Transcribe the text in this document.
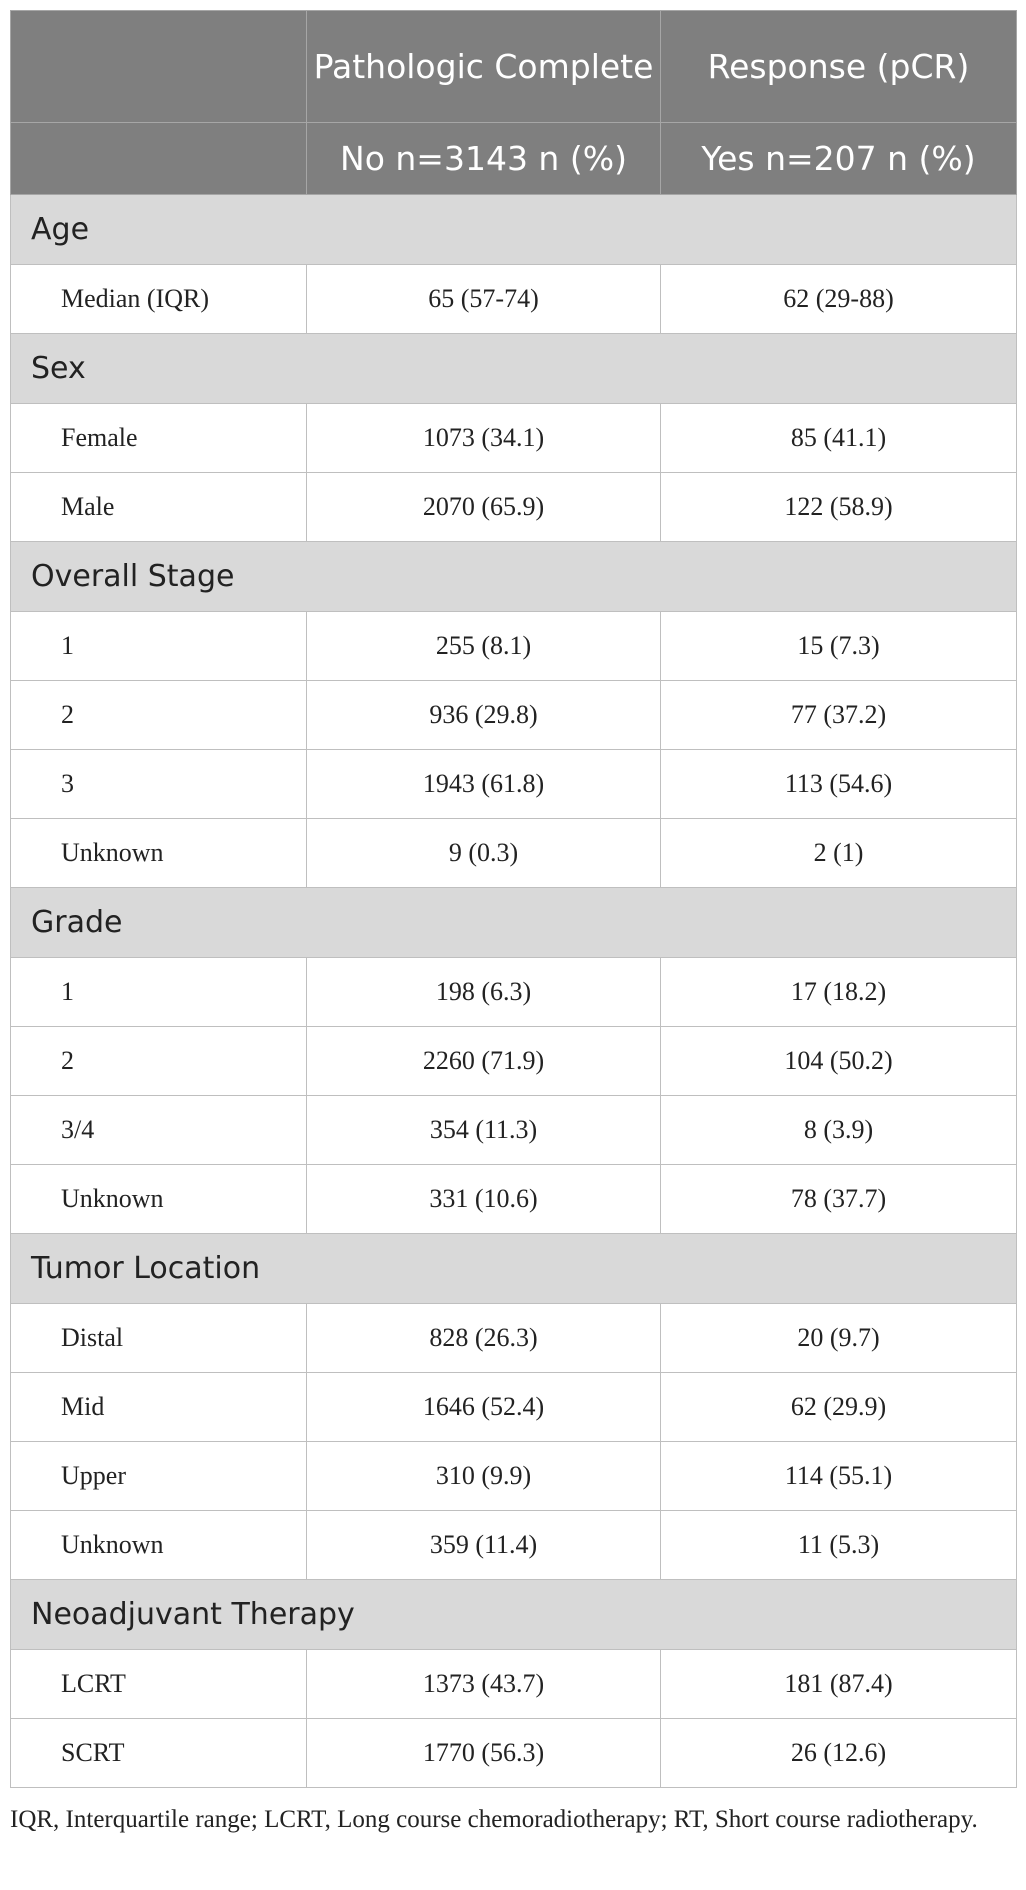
	Pathologic Complete	Response (pCR)
	No n=3143 n (%)	Yes n=207 n (%)
Age		
Median (IQR)	65 (57-74)	62 (29-88)
Sex		
Female	1073 (34.1)	85 (41.1)
Male	2070 (65.9)	122 (58.9)
Overall Stage		
1	255 (8.1)	15 (7.3)
2	936 (29.8)	77 (37.2)
3	1943 (61.8)	113 (54.6)
Unknown	9 (0.3)	2 (1)
Grade		
1	198 (6.3)	17 (18.2)
2	2260 (71.9)	104 (50.2)
3/4	354 (11.3)	8 (3.9)
Unknown	331 (10.6)	78 (37.7)
Tumor Location		
Distal	828 (26.3)	20 (9.7)
Mid	1646 (52.4)	62 (29.9)
Upper	310 (9.9)	114 (55.1)
Unknown	359 (11.4)	11 (5.3)
Neoadjuvant Therapy		
LCRT	1373 (43.7)	181 (87.4)
SCRT	1770 (56.3)	26 (12.6)

IQR, Interquartile range; LCRT, Long course chemoradiotherapy; RT, Short course radiotherapy.
